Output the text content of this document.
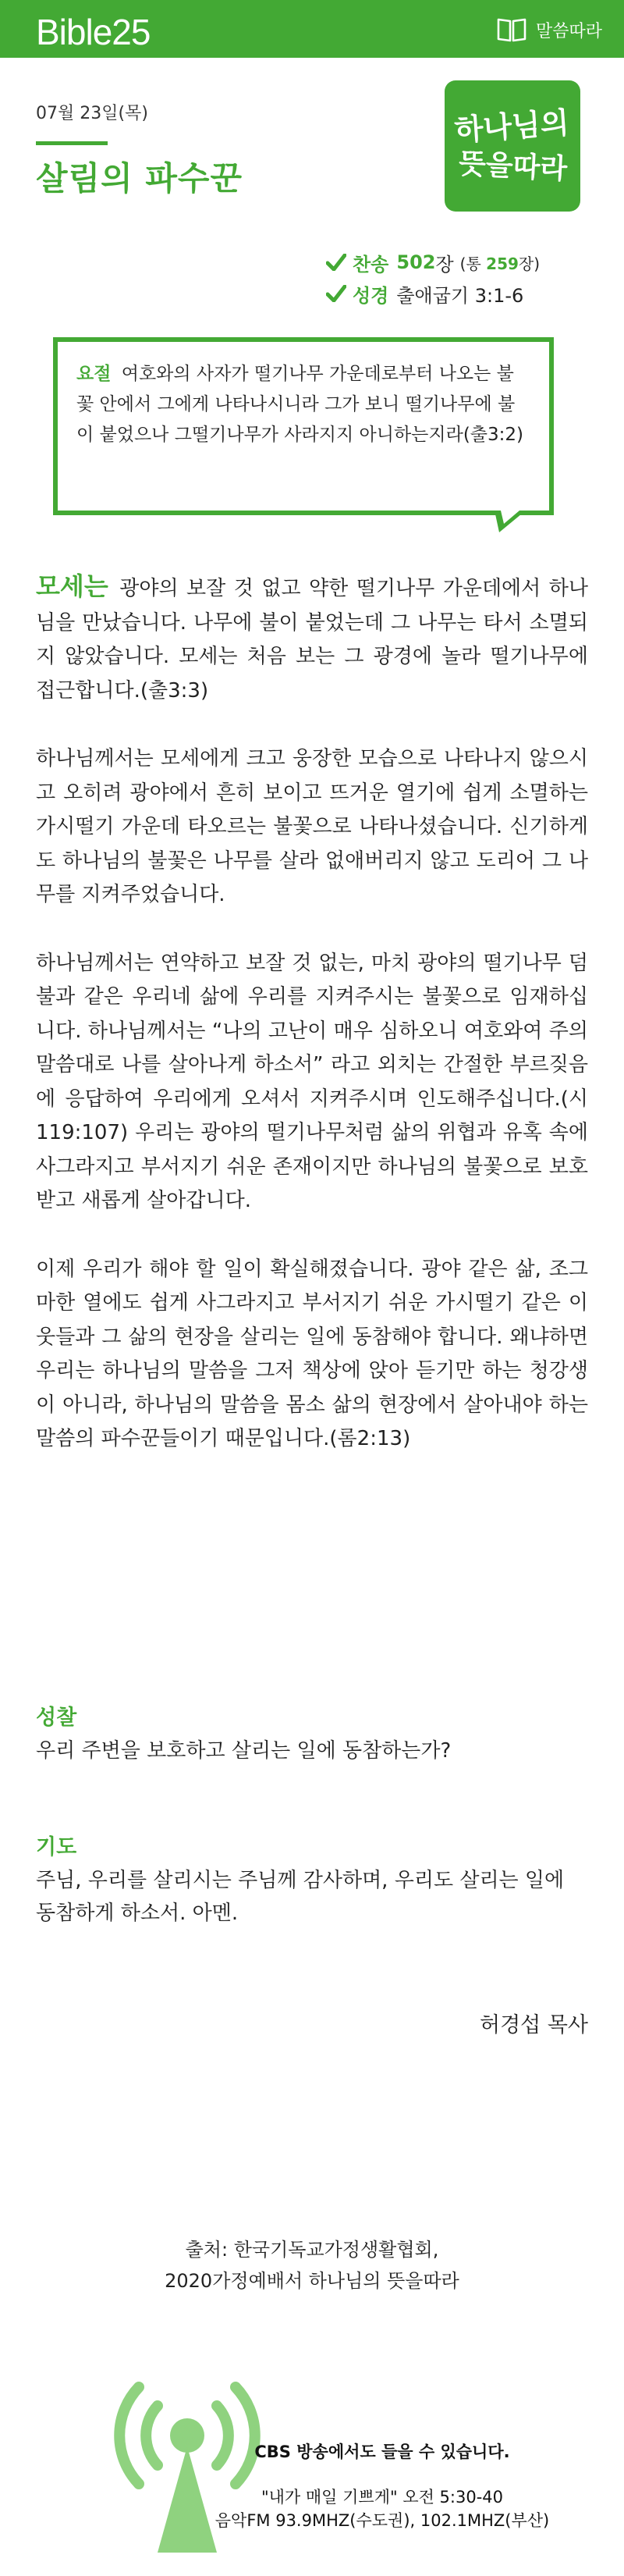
Bible25	말씀따라
07월 23일(목)
살림의 파수꾼
하나님의
뜻을따라
찬송 502 장 (통 259장)
성경 출애굽기 3:1-6
요절 여호와의 사자가 떨기나무 가운데로부터 나오는 불꽃 안에서 그에게 나타나시니라 그가 보니 떨기나무에 불이 붙었으나 그떨기나무가 사라지지 아니하는지라(출3:2)

모세는 광야의 보잘 것 없고 약한 떨기나무 가운데에서 하나님을 만났습니다. 나무에 불이 붙었는데 그 나무는 타서 소멸되지 않았습니다. 모세는 처음 보는 그 광경에 놀라 떨기나무에 접근합니다.(출3:3)

하나님께서는 모세에게 크고 웅장한 모습으로 나타나지 않으시고 오히려 광야에서 흔히 보이고 뜨거운 열기에 쉽게 소멸하는 가시떨기 가운데 타오르는 불꽃으로 나타나셨습니다. 신기하게도 하나님의 불꽃은 나무를 살라 없애버리지 않고 도리어 그 나무를 지켜주었습니다.

하나님께서는 연약하고 보잘 것 없는, 마치 광야의 떨기나무 덤불과 같은 우리네 삶에 우리를 지켜주시는 불꽃으로 임재하십니다. 하나님께서는 “나의 고난이 매우 심하오니 여호와여 주의 말씀대로 나를 살아나게 하소서” 라고 외치는 간절한 부르짖음에 응답하여 우리에게 오셔서 지켜주시며 인도해주십니다.(시119:107) 우리는 광야의 떨기나무처럼 삶의 위협과 유혹 속에 사그라지고 부서지기 쉬운 존재이지만 하나님의 불꽃으로 보호받고 새롭게 살아갑니다.

이제 우리가 해야 할 일이 확실해졌습니다. 광야 같은 삶, 조그마한 열에도 쉽게 사그라지고 부서지기 쉬운 가시떨기 같은 이웃들과 그 삶의 현장을 살리는 일에 동참해야 합니다. 왜냐하면 우리는 하나님의 말씀을 그저 책상에 앉아 듣기만 하는 청강생이 아니라, 하나님의 말씀을 몸소 삶의 현장에서 살아내야 하는 말씀의 파수꾼들이기 때문입니다.(롬2:13)

성찰
우리 주변을 보호하고 살리는 일에 동참하는가?
기도
주님, 우리를 살리시는 주님께 감사하며, 우리도 살리는 일에 동참하게 하소서. 아멘.
허경섭 목사
출처: 한국기독교가정생활협회,
2020가정예배서 하나님의 뜻을따라
CBS 방송에서도 들을 수 있습니다.
"내가 매일 기쁘게" 오전 5:30-40
음악FM 93.9MHZ(수도권), 102.1MHZ(부산)
